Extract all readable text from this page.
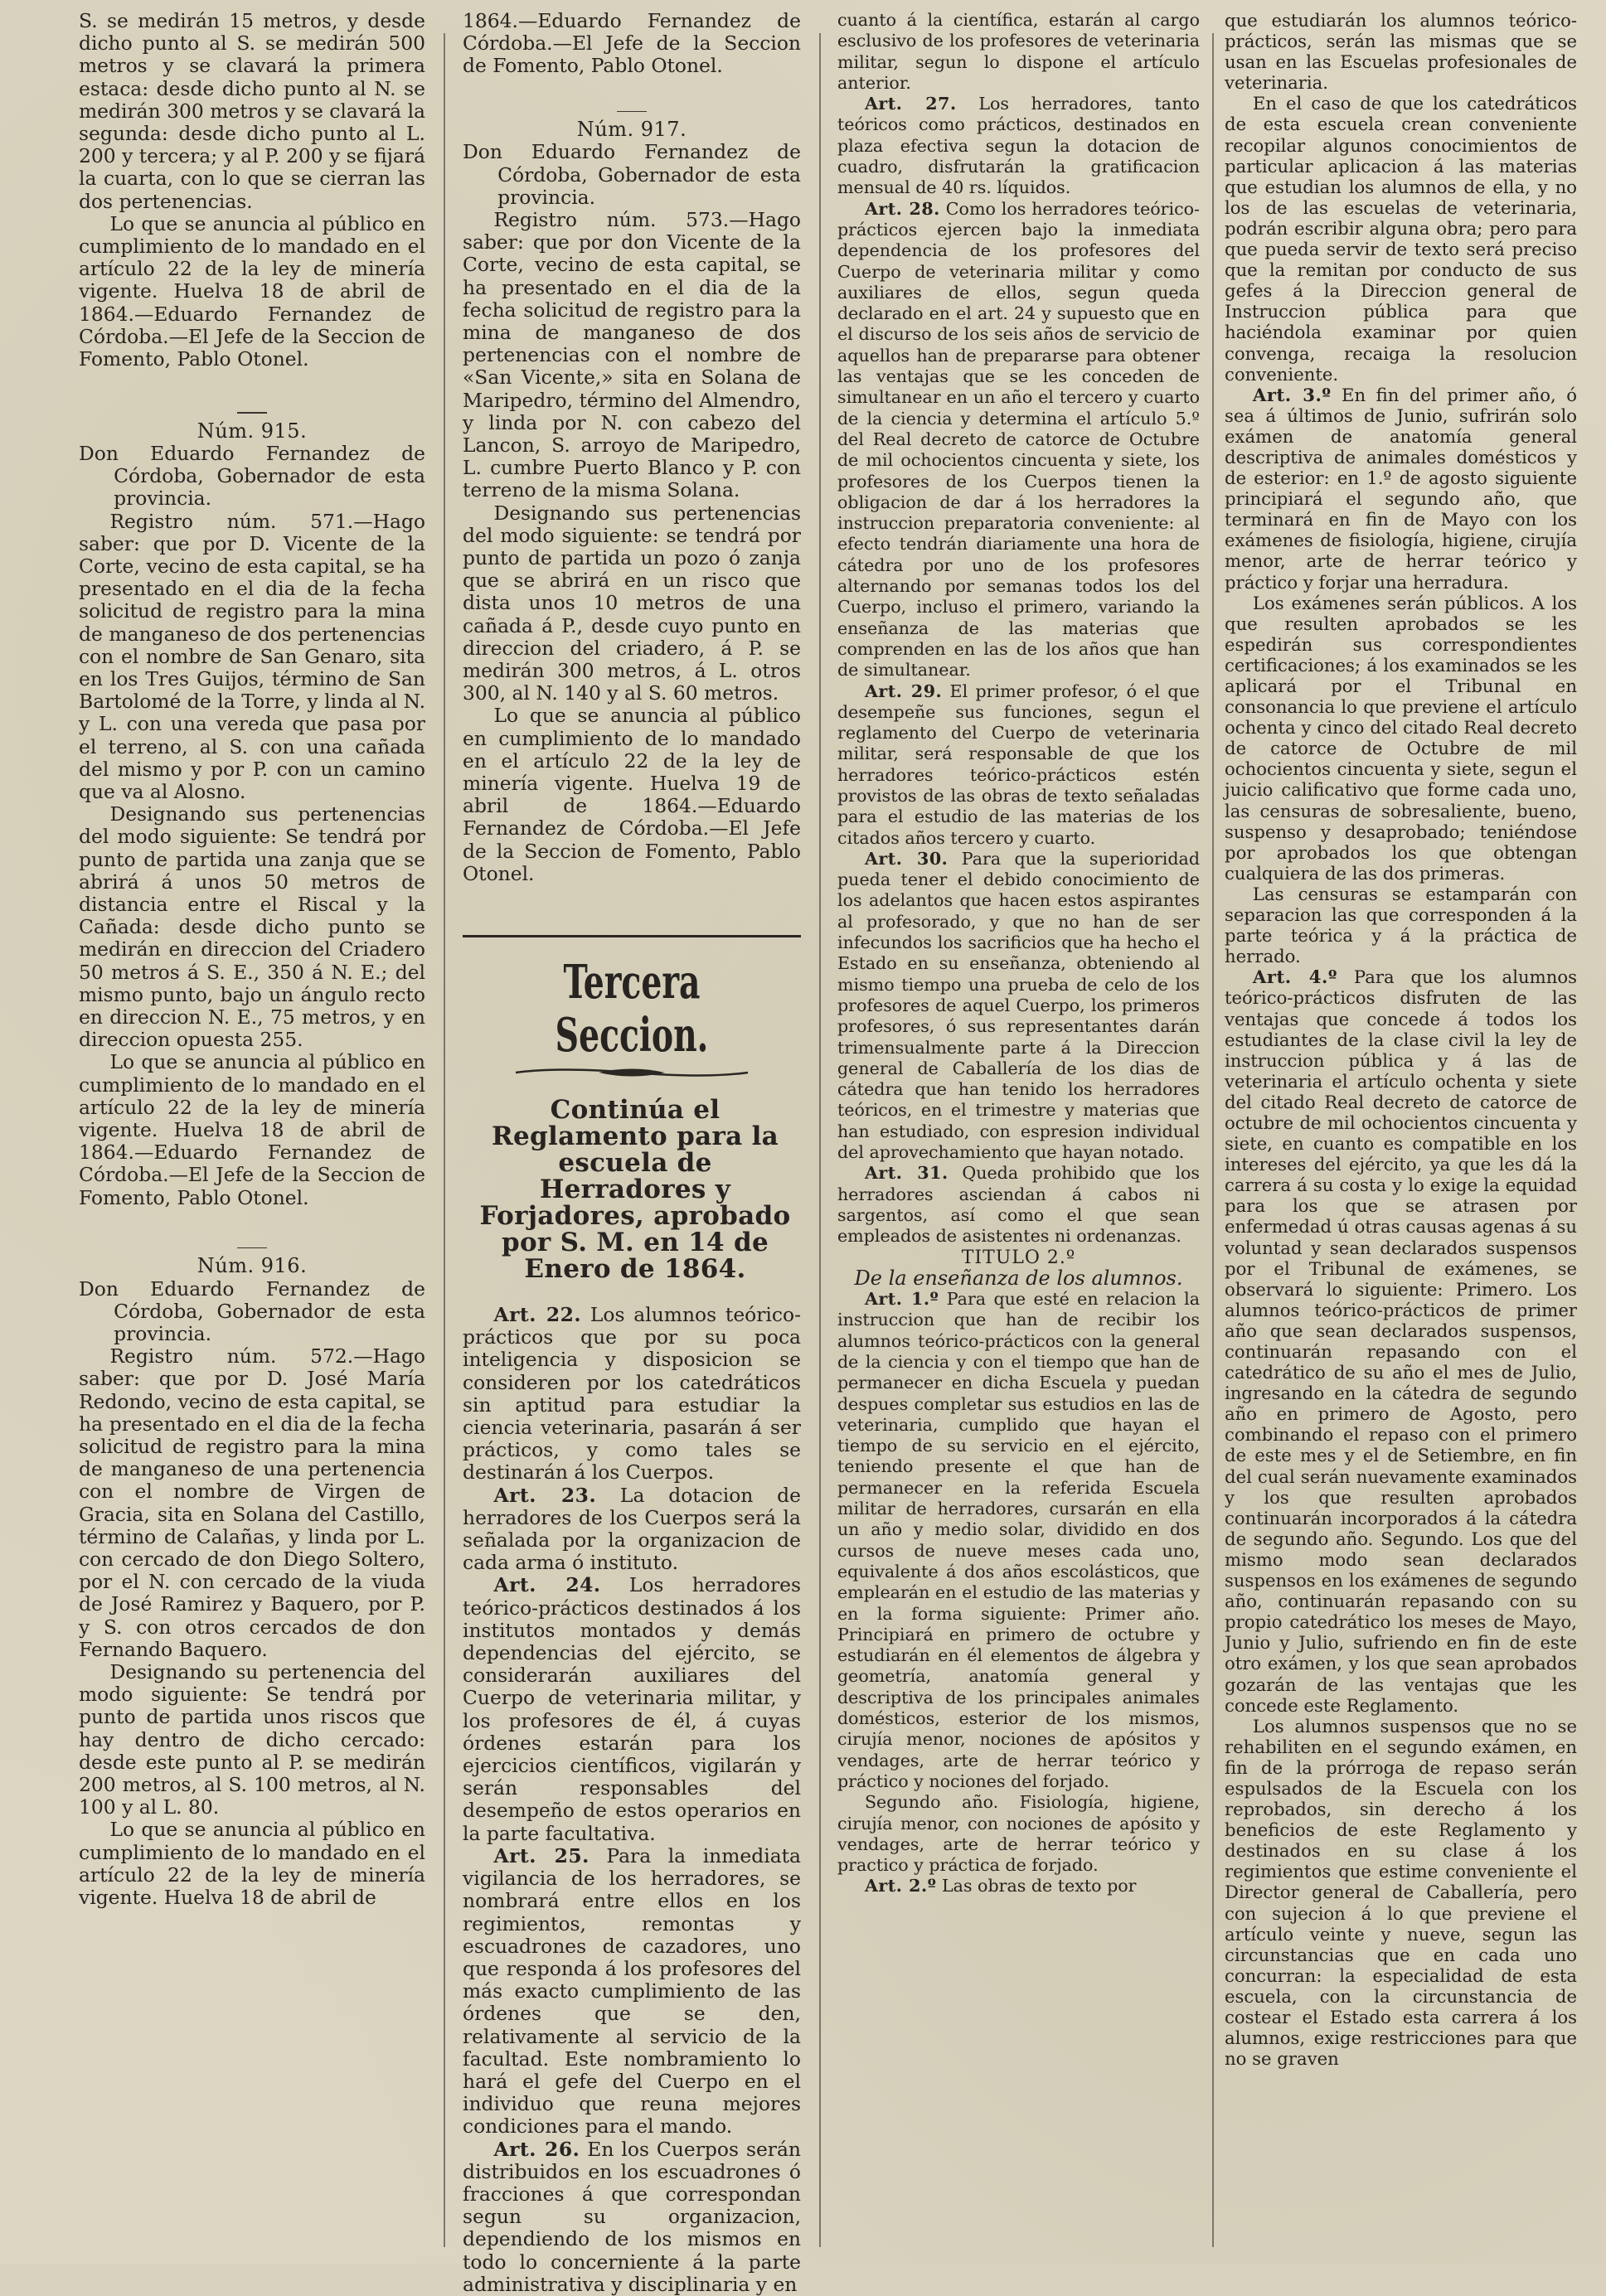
S. se medirán 15 metros, y desde dicho punto al S. se medirán 500 metros y se clavará la primera estaca: desde dicho punto al N. se medirán 300 metros y se clavará la segunda: desde dicho punto al L. 200 y tercera; y al P. 200 y se fijará la cuarta, con lo que se cierran las dos pertenencias.

Lo que se anuncia al público en cumplimiento de lo mandado en el artículo 22 de la ley de minería vigente. Huelva 18 de abril de 1864.—Eduardo Fernandez de Córdoba.—El Jefe de la Seccion de Fomento, Pablo Otonel.

Núm. 915.

Don Eduardo Fernandez de Córdoba, Gobernador de esta provincia.

Registro núm. 571.—Hago saber: que por D. Vicente de la Corte, vecino de esta capital, se ha presentado en el dia de la fecha solicitud de registro para la mina de manganeso de dos pertenencias con el nombre de San Genaro, sita en los Tres Guijos, término de San Bartolomé de la Torre, y linda al N. y L. con una vereda que pasa por el terreno, al S. con una cañada del mismo y por P. con un camino que va al Alosno.

Designando sus pertenencias del modo siguiente: Se tendrá por punto de partida una zanja que se abrirá á unos 50 metros de distancia entre el Riscal y la Cañada: desde dicho punto se medirán en direccion del Criadero 50 metros á S. E., 350 á N. E.; del mismo punto, bajo un ángulo recto en direccion N. E., 75 metros, y en direccion opuesta 255.

Lo que se anuncia al público en cumplimiento de lo mandado en el artículo 22 de la ley de minería vigente. Huelva 18 de abril de 1864.—Eduardo Fernandez de Córdoba.—El Jefe de la Seccion de Fomento, Pablo Otonel.

Núm. 916.

Don Eduardo Fernandez de Córdoba, Gobernador de esta provincia.

Registro núm. 572.—Hago saber: que por D. José María Redondo, vecino de esta capital, se ha presentado en el dia de la fecha solicitud de registro para la mina de manganeso de una pertenencia con el nombre de Virgen de Gracia, sita en Solana del Castillo, término de Calañas, y linda por L. con cercado de don Diego Soltero, por el N. con cercado de la viuda de José Ramirez y Baquero, por P. y S. con otros cercados de don Fernando Baquero.

Designando su pertenencia del modo siguiente: Se tendrá por punto de partida unos riscos que hay dentro de dicho cercado: desde este punto al P. se medirán 200 metros, al S. 100 metros, al N. 100 y al L. 80.

Lo que se anuncia al público en cumplimiento de lo mandado en el artículo 22 de la ley de minería vigente. Huelva 18 de abril de

1864.—Eduardo Fernandez de Córdoba.—El Jefe de la Seccion de Fomento, Pablo Otonel.

Núm. 917.

Don Eduardo Fernandez de Córdoba, Gobernador de esta provincia.

Registro núm. 573.—Hago saber: que por don Vicente de la Corte, vecino de esta capital, se ha presentado en el dia de la fecha solicitud de registro para la mina de manganeso de dos pertenencias con el nombre de «San Vicente,» sita en Solana de Maripedro, término del Almendro, y linda por N. con cabezo del Lancon, S. arroyo de Maripedro, L. cumbre Puerto Blanco y P. con terreno de la misma Solana.

Designando sus pertenencias del modo siguiente: se tendrá por punto de partida un pozo ó zanja que se abrirá en un risco que dista unos 10 metros de una cañada á P., desde cuyo punto en direccion del criadero, á P. se medirán 300 metros, á L. otros 300, al N. 140 y al S. 60 metros.

Lo que se anuncia al público en cumplimiento de lo mandado en el artículo 22 de la ley de minería vigente. Huelva 19 de abril de 1864.—Eduardo Fernandez de Córdoba.—El Jefe de la Seccion de Fomento, Pablo Otonel.

Tercera Seccion.
Continúa el Reglamento para la escuela de Herradores y Forjadores, aprobado por S. M. en 14 de Enero de 1864.

Art. 22. Los alumnos teórico-prácticos que por su poca inteligencia y disposicion se consideren por los catedráticos sin aptitud para estudiar la ciencia veterinaria, pasarán á ser prácticos, y como tales se destinarán á los Cuerpos.

Art. 23. La dotacion de herradores de los Cuerpos será la señalada por la organizacion de cada arma ó instituto.

Art. 24. Los herradores teórico-prácticos destinados á los institutos montados y demás dependencias del ejército, se considerarán auxiliares del Cuerpo de veterinaria militar, y los profesores de él, á cuyas órdenes estarán para los ejercicios científicos, vigilarán y serán responsables del desempeño de estos operarios en la parte facultativa.

Art. 25. Para la inmediata vigilancia de los herradores, se nombrará entre ellos en los regimientos, remontas y escuadrones de cazadores, uno que responda á los profesores del más exacto cumplimiento de las órdenes que se den, relativamente al servicio de la facultad. Este nombramiento lo hará el gefe del Cuerpo en el individuo que reuna mejores condiciones para el mando.

Art. 26. En los Cuerpos serán distribuidos en los escuadrones ó fracciones á que correspondan segun su organizacion, dependiendo de los mismos en todo lo concerniente á la parte administrativa y disciplinaria y en

cuanto á la científica, estarán al cargo esclusivo de los profesores de veterinaria militar, segun lo dispone el artículo anterior.

Art. 27. Los herradores, tanto teóricos como prácticos, destinados en plaza efectiva segun la dotacion de cuadro, disfrutarán la gratificacion mensual de 40 rs. líquidos.

Art. 28. Como los herradores teórico-prácticos ejercen bajo la inmediata dependencia de los profesores del Cuerpo de veterinaria militar y como auxiliares de ellos, segun queda declarado en el art. 24 y supuesto que en el discurso de los seis años de servicio de aquellos han de prepararse para obtener las ventajas que se les conceden de simultanear en un año el tercero y cuarto de la ciencia y determina el artículo 5.º del Real decreto de catorce de Octubre de mil ochocientos cincuenta y siete, los profesores de los Cuerpos tienen la obligacion de dar á los herradores la instruccion preparatoria conveniente: al efecto tendrán diariamente una hora de cátedra por uno de los profesores alternando por semanas todos los del Cuerpo, incluso el primero, variando la enseñanza de las materias que comprenden en las de los años que han de simultanear.

Art. 29. El primer profesor, ó el que desempeñe sus funciones, segun el reglamento del Cuerpo de veterinaria militar, será responsable de que los herradores teórico-prácticos estén provistos de las obras de texto señaladas para el estudio de las materias de los citados años tercero y cuarto.

Art. 30. Para que la superioridad pueda tener el debido conocimiento de los adelantos que hacen estos aspirantes al profesorado, y que no han de ser infecundos los sacrificios que ha hecho el Estado en su enseñanza, obteniendo al mismo tiempo una prueba de celo de los profesores de aquel Cuerpo, los primeros profesores, ó sus representantes darán trimensualmente parte á la Direccion general de Caballería de los dias de cátedra que han tenido los herradores teóricos, en el trimestre y materias que han estudiado, con espresion individual del aprovechamiento que hayan notado.

Art. 31. Queda prohibido que los herradores asciendan á cabos ni sargentos, así como el que sean empleados de asistentes ni ordenanzas.

TITULO 2.º

De la enseñanza de los alumnos.

Art. 1.º Para que esté en relacion la instruccion que han de recibir los alumnos teórico-prácticos con la general de la ciencia y con el tiempo que han de permanecer en dicha Escuela y puedan despues completar sus estudios en las de veterinaria, cumplido que hayan el tiempo de su servicio en el ejército, teniendo presente el que han de permanecer en la referida Escuela militar de herradores, cursarán en ella un año y medio solar, dividido en dos cursos de nueve meses cada uno, equivalente á dos años escolásticos, que emplearán en el estudio de las materias y en la forma siguiente: Primer año. Principiará en primero de octubre y estudiarán en él elementos de álgebra y geometría, anatomía general y descriptiva de los principales animales domésticos, esterior de los mismos, cirujía menor, nociones de apósitos y vendages, arte de herrar teórico y práctico y nociones del forjado.

Segundo año. Fisiología, higiene, cirujía menor, con nociones de apósito y vendages, arte de herrar teórico y practico y práctica de forjado.

Art. 2.º Las obras de texto por

que estudiarán los alumnos teórico-prácticos, serán las mismas que se usan en las Escuelas profesionales de veterinaria.

En el caso de que los catedráticos de esta escuela crean conveniente recopilar algunos conocimientos de particular aplicacion á las materias que estudian los alumnos de ella, y no los de las escuelas de veterinaria, podrán escribir alguna obra; pero para que pueda servir de texto será preciso que la remitan por conducto de sus gefes á la Direccion general de Instruccion pública para que haciéndola examinar por quien convenga, recaiga la resolucion conveniente.

Art. 3.º En fin del primer año, ó sea á últimos de Junio, sufrirán solo exámen de anatomía general descriptiva de animales domésticos y de esterior: en 1.º de agosto siguiente principiará el segundo año, que terminará en fin de Mayo con los exámenes de fisiología, higiene, cirujía menor, arte de herrar teórico y práctico y forjar una herradura.

Los exámenes serán públicos. A los que resulten aprobados se les espedirán sus correspondientes certificaciones; á los examinados se les aplicará por el Tribunal en consonancia lo que previene el artículo ochenta y cinco del citado Real decreto de catorce de Octubre de mil ochocientos cincuenta y siete, segun el juicio calificativo que forme cada uno, las censuras de sobresaliente, bueno, suspenso y desaprobado; teniéndose por aprobados los que obtengan cualquiera de las dos primeras.

Las censuras se estamparán con separacion las que corresponden á la parte teórica y á la práctica de herrado.

Art. 4.º Para que los alumnos teórico-prácticos disfruten de las ventajas que concede á todos los estudiantes de la clase civil la ley de instruccion pública y á las de veterinaria el artículo ochenta y siete del citado Real decreto de catorce de octubre de mil ochocientos cincuenta y siete, en cuanto es compatible en los intereses del ejército, ya que les dá la carrera á su costa y lo exige la equidad para los que se atrasen por enfermedad ú otras causas agenas á su voluntad y sean declarados suspensos por el Tribunal de exámenes, se observará lo siguiente: Primero. Los alumnos teórico-prácticos de primer año que sean declarados suspensos, continuarán repasando con el catedrático de su año el mes de Julio, ingresando en la cátedra de segundo año en primero de Agosto, pero combinando el repaso con el primero de este mes y el de Setiembre, en fin del cual serán nuevamente examinados y los que resulten aprobados continuarán incorporados á la cátedra de segundo año. Segundo. Los que del mismo modo sean declarados suspensos en los exámenes de segundo año, continuarán repasando con su propio catedrático los meses de Mayo, Junio y Julio, sufriendo en fin de este otro exámen, y los que sean aprobados gozarán de las ventajas que les concede este Reglamento.

Los alumnos suspensos que no se rehabiliten en el segundo exámen, en fin de la prórroga de repaso serán espulsados de la Escuela con los reprobados, sin derecho á los beneficios de este Reglamento y destinados en su clase á los regimientos que estime conveniente el Director general de Caballería, pero con sujecion á lo que previene el artículo veinte y nueve, segun las circunstancias que en cada uno concurran: la especialidad de esta escuela, con la circunstancia de costear el Estado esta carrera á los alumnos, exige restricciones para que no se graven
